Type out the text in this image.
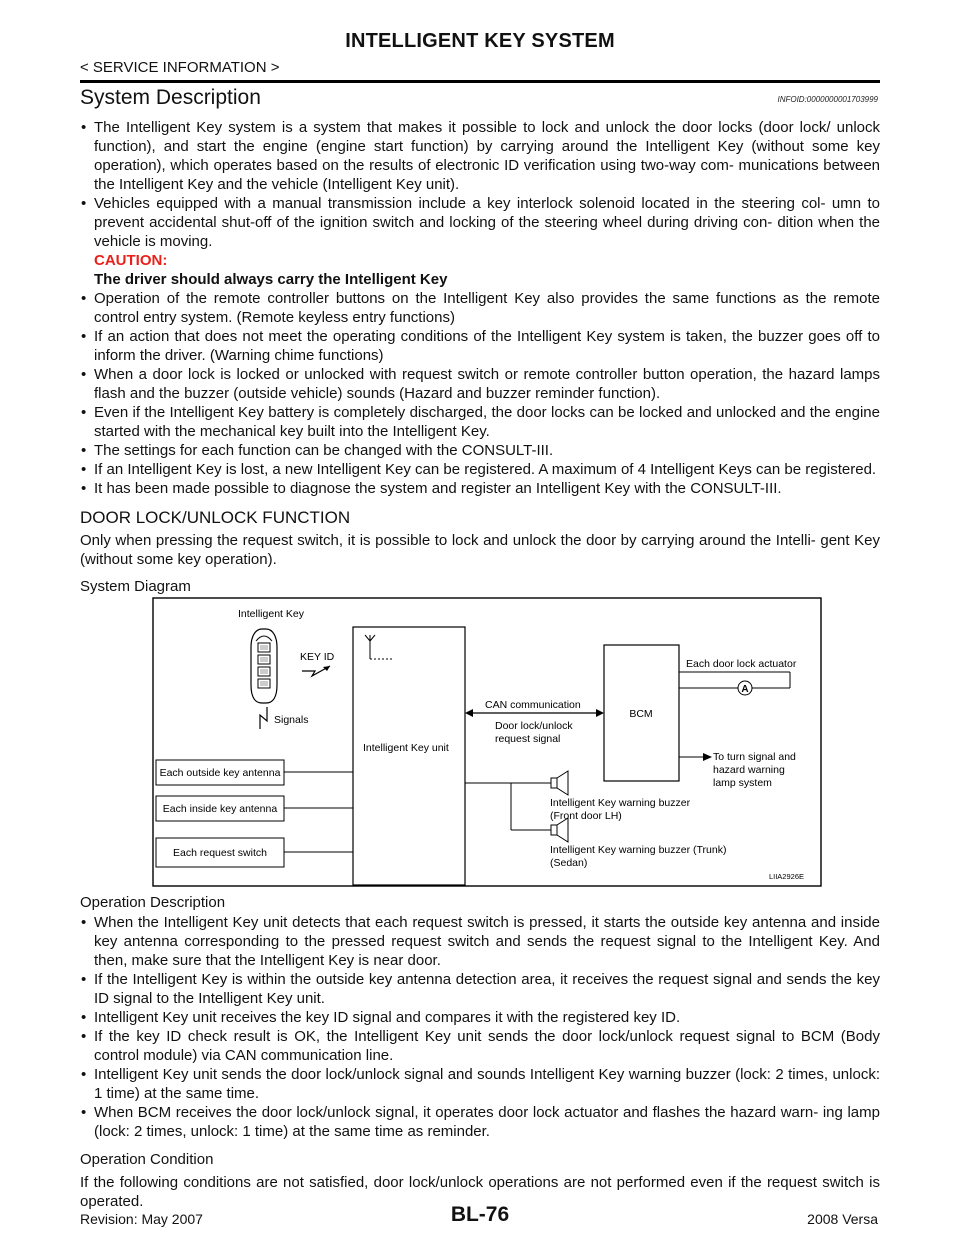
INTELLIGENT KEY SYSTEM
< SERVICE INFORMATION >
System Description	INFOID:0000000001703999
• The Intelligent Key system is a system that makes it possible to lock and unlock the door locks (door lock/ unlock function), and start the engine (engine start function) by carrying around the Intelligent Key (without some key operation), which operates based on the results of electronic ID verification using two-way com- munications between the Intelligent Key and the vehicle (Intelligent Key unit).
• Vehicles equipped with a manual transmission include a key interlock solenoid located in the steering col- umn to prevent accidental shut-off of the ignition switch and locking of the steering wheel during driving con- dition when the vehicle is moving.
CAUTION:
The driver should always carry the Intelligent Key
• Operation of the remote controller buttons on the Intelligent Key also provides the same functions as the remote control entry system. (Remote keyless entry functions)
• If an action that does not meet the operating conditions of the Intelligent Key system is taken, the buzzer goes off to inform the driver. (Warning chime functions)
• When a door lock is locked or unlocked with request switch or remote controller button operation, the hazard lamps flash and the buzzer (outside vehicle) sounds (Hazard and buzzer reminder function).
• Even if the Intelligent Key battery is completely discharged, the door locks can be locked and unlocked and the engine started with the mechanical key built into the Intelligent Key.
• The settings for each function can be changed with the CONSULT-III.
• If an Intelligent Key is lost, a new Intelligent Key can be registered. A maximum of 4 Intelligent Keys can be registered.
• It has been made possible to diagnose the system and register an Intelligent Key with the CONSULT-III.
DOOR LOCK/UNLOCK FUNCTION

Only when pressing the request switch, it is possible to lock and unlock the door by carrying around the Intelli- gent Key (without some key operation).

System Diagram
Intelligent Key
KEY ID
Signals
Intelligent Key unit
Each outside key antenna
Each inside key antenna
Each request switch
CAN communication
Door lock/unlock
request signal
BCM
Each door lock actuator
A
To turn signal and
hazard warning
lamp system
Intelligent Key warning buzzer
(Front door LH)
Intelligent Key warning buzzer (Trunk)
(Sedan)
LIIA2926E
Operation Description
• When the Intelligent Key unit detects that each request switch is pressed, it starts the outside key antenna and inside key antenna corresponding to the pressed request switch and sends the request signal to the Intelligent Key. And then, make sure that the Intelligent Key is near door.
• If the Intelligent Key is within the outside key antenna detection area, it receives the request signal and sends the key ID signal to the Intelligent Key unit.
• Intelligent Key unit receives the key ID signal and compares it with the registered key ID.
• If the key ID check result is OK, the Intelligent Key unit sends the door lock/unlock request signal to BCM (Body control module) via CAN communication line.
• Intelligent Key unit sends the door lock/unlock signal and sounds Intelligent Key warning buzzer (lock: 2 times, unlock: 1 time) at the same time.
• When BCM receives the door lock/unlock signal, it operates door lock actuator and flashes the hazard warn- ing lamp (lock: 2 times, unlock: 1 time) at the same time as reminder.
Operation Condition

If the following conditions are not satisfied, door lock/unlock operations are not performed even if the request switch is operated.

Revision: May 2007	BL-76	2008 Versa
